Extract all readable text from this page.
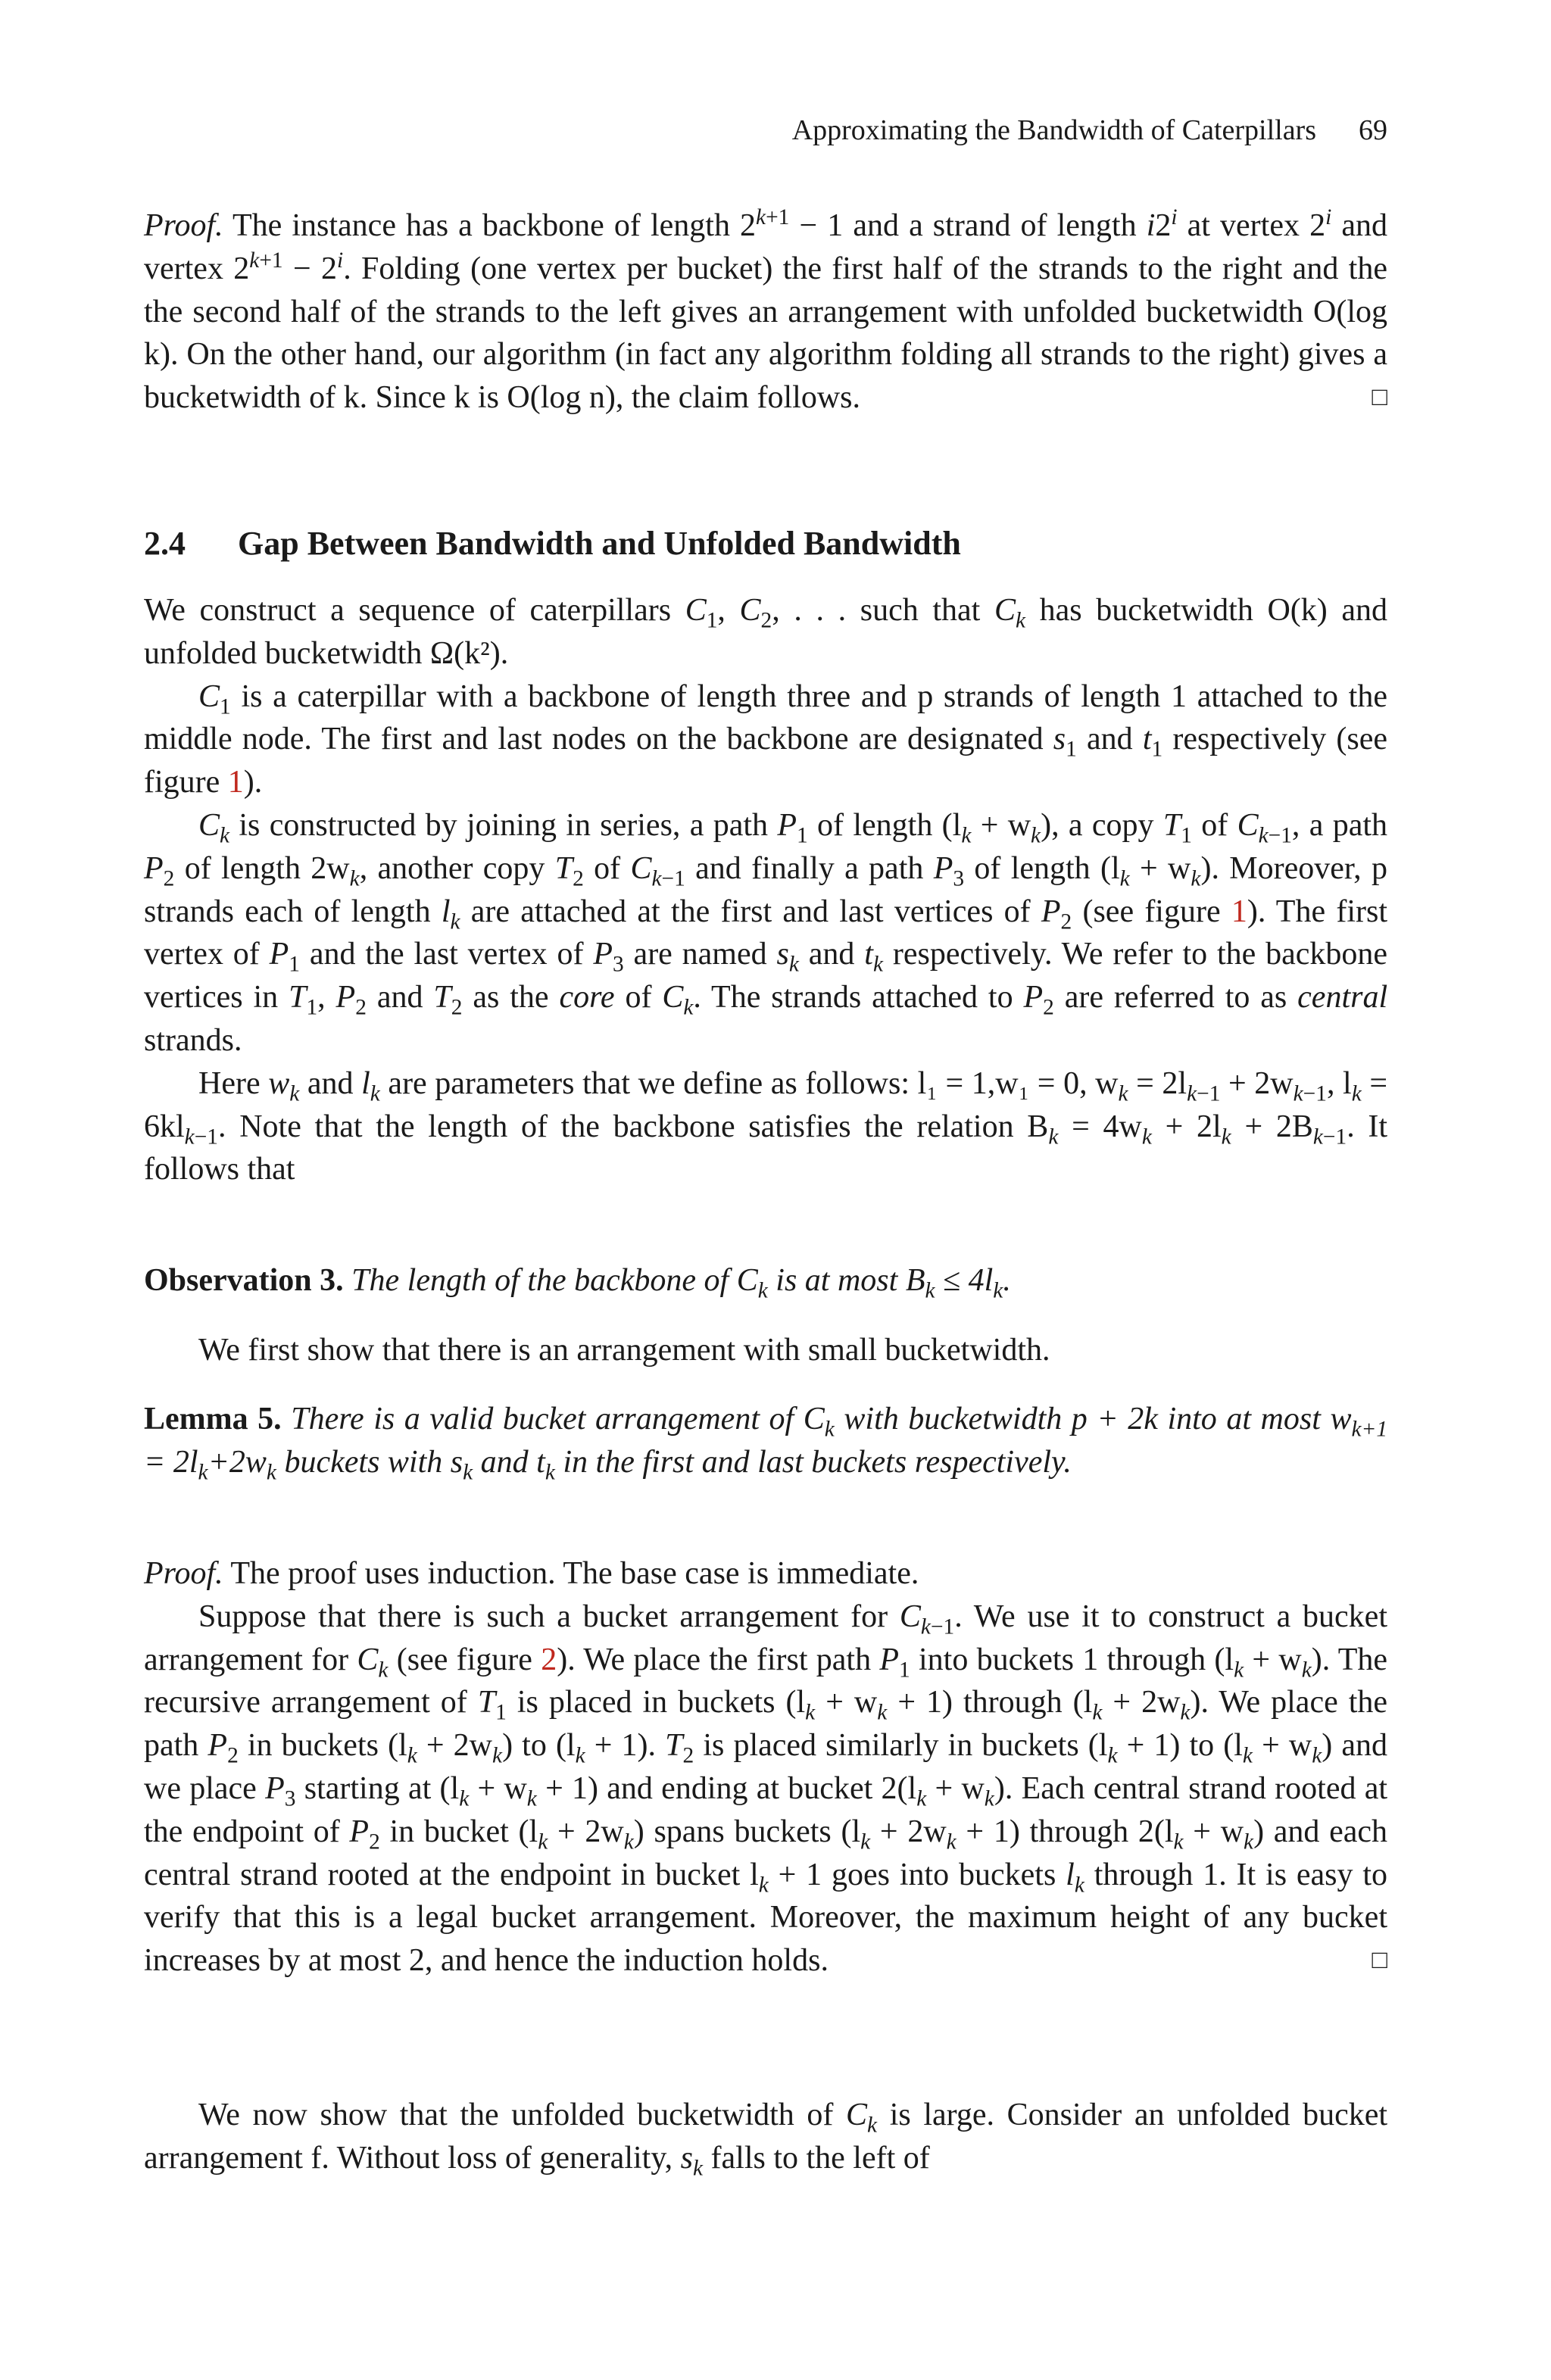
Approximating the Bandwidth of Caterpillars 69

Proof. The instance has a backbone of length $2^{k+1} - 1$ and a strand of length i2$^i$ at vertex 2$^i$ and vertex $2^{k+1} - 2^i$. Folding (one vertex per bucket) the first half of the strands to the right and the the second half of the strands to the left gives an arrangement with unfolded bucketwidth O(log k). On the other hand, our algorithm (in fact any algorithm folding all strands to the right) gives a bucketwidth of k. Since k is O(log n), the claim follows.	□

2.4 Gap Between Bandwidth and Unfolded Bandwidth

We construct a sequence of caterpillars $C_1$, $C_2$, . . . such that $C_k$ has bucketwidth O(k) and unfolded bucketwidth Ω(k²).

$C_1$ is a caterpillar with a backbone of length three and p strands of length 1 attached to the middle node. The first and last nodes on the backbone are designated $s_1$ and $t_1$ respectively (see figure 1).

$C_k$ is constructed by joining in series, a path $P_1$ of length $(l_k + w_k)$, a copy $T_1$ of $C_{k-1}$, a path $P_2$ of length $2w_k$, another copy $T_2$ of $C_{k-1}$ and finally a path $P_3$ of length $(l_k + w_k)$. Moreover, p strands each of length $l_k$ are attached at the first and last vertices of $P_2$ (see figure 1). The first vertex of $P_1$ and the last vertex of $P_3$ are named $s_k$ and $t_k$ respectively. We refer to the backbone vertices in $T_1$, $P_2$ and $T_2$ as the core of $C_k$. The strands attached to $P_2$ are referred to as central strands.

Here $w_k$ and $l_k$ are parameters that we define as follows: l₁ = 1,w₁ = 0, $w_k = 2l_{k-1} + 2w_{k-1}$, $l_k = 6kl_{k-1}$. Note that the length of the backbone satisfies the relation $B_k = 4w_k + 2l_k + 2B_{k-1}$. It follows that

Observation 3. The length of the backbone of $C_k$ is at most $B_k \le 4l_k$.

We first show that there is an arrangement with small bucketwidth.

Lemma 5. There is a valid bucket arrangement of $C_k$ with bucketwidth p + 2k into at most $w_{k+1} = 2l_k+2w_k$ buckets with $s_k$ and $t_k$ in the first and last buckets respectively.

Proof. The proof uses induction. The base case is immediate.

Suppose that there is such a bucket arrangement for $C_{k-1}$. We use it to construct a bucket arrangement for $C_k$ (see figure 2). We place the first path $P_1$ into buckets 1 through $(l_k + w_k)$. The recursive arrangement of $T_1$ is placed in buckets $(l_k + w_k + 1)$ through $(l_k + 2w_k)$. We place the path $P_2$ in buckets $(l_k + 2w_k)$ to $(l_k + 1)$. $T_2$ is placed similarly in buckets $(l_k + 1)$ to $(l_k + w_k)$ and we place $P_3$ starting at $(l_k + w_k + 1)$ and ending at bucket $2(l_k + w_k)$. Each central strand rooted at the endpoint of $P_2$ in bucket $(l_k + 2w_k)$ spans buckets $(l_k + 2w_k + 1)$ through $2(l_k + w_k)$ and each central strand rooted at the endpoint in bucket $l_k + 1$ goes into buckets $l_k$ through 1. It is easy to verify that this is a legal bucket arrangement. Moreover, the maximum height of any bucket increases by at most 2, and hence the induction holds.	□

We now show that the unfolded bucketwidth of $C_k$ is large. Consider an unfolded bucket arrangement f. Without loss of generality, $s_k$ falls to the left of
